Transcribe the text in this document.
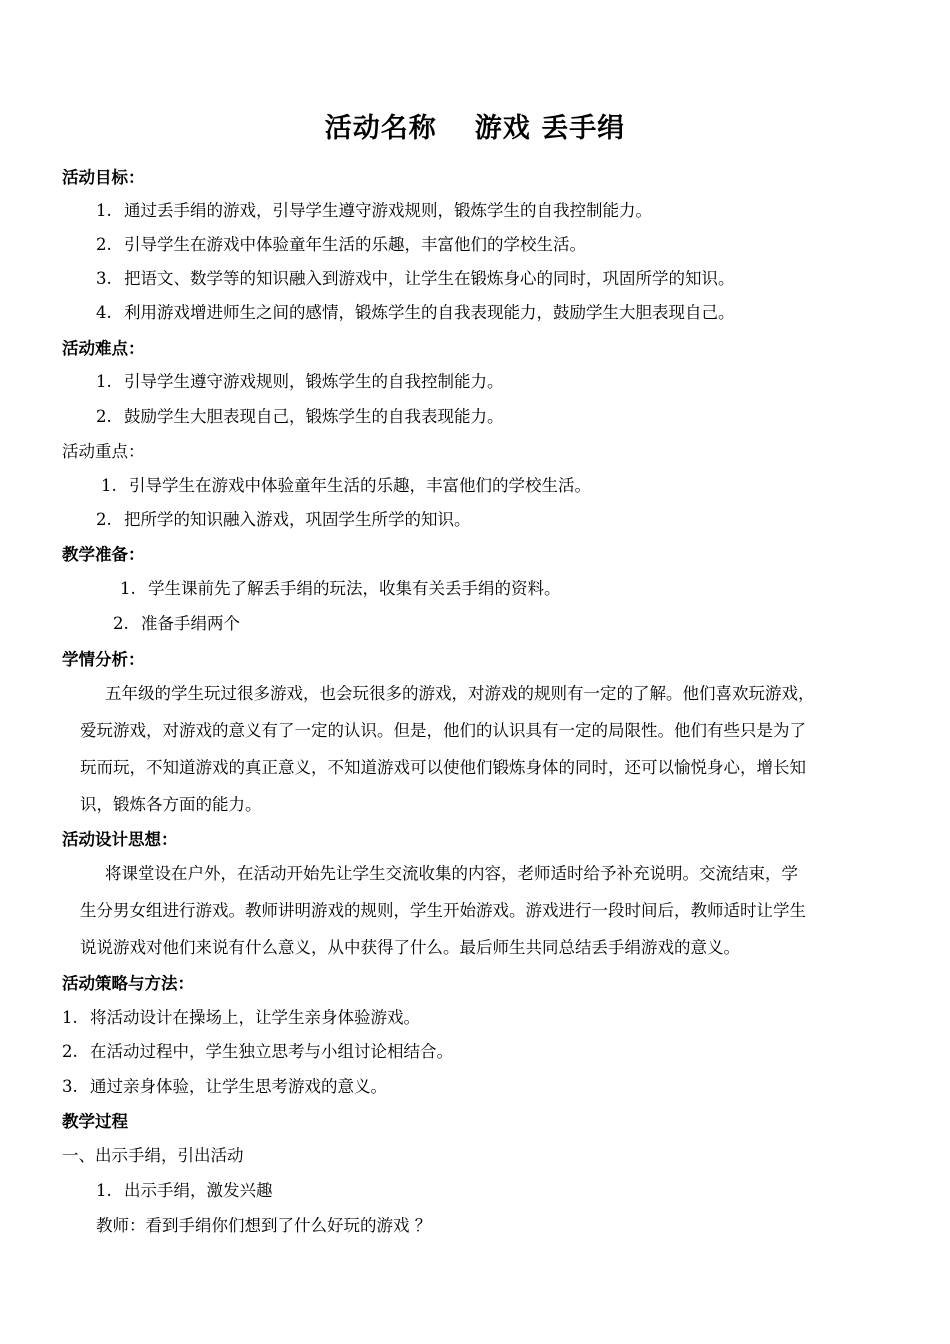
活动名称 游戏 丢手绢
活动目标：
1. 通过丢手绢的游戏，引导学生遵守游戏规则，锻炼学生的自我控制能力。
2. 引导学生在游戏中体验童年生活的乐趣，丰富他们的学校生活。
3. 把语文、数学等的知识融入到游戏中，让学生在锻炼身心的同时，巩固所学的知识。
4. 利用游戏增进师生之间的感情，锻炼学生的自我表现能力，鼓励学生大胆表现自己。
活动难点：
1. 引导学生遵守游戏规则，锻炼学生的自我控制能力。
2. 鼓励学生大胆表现自己，锻炼学生的自我表现能力。
活动重点：
1. 引导学生在游戏中体验童年生活的乐趣，丰富他们的学校生活。
2. 把所学的知识融入游戏，巩固学生所学的知识。
教学准备：
1. 学生课前先了解丢手绢的玩法，收集有关丢手绢的资料。
2. 准备手绢两个
学情分析：
五年级的学生玩过很多游戏，也会玩很多的游戏，对游戏的规则有一定的了解。他们喜欢玩游戏，
爱玩游戏，对游戏的意义有了一定的认识。但是，他们的认识具有一定的局限性。他们有些只是为了
玩而玩，不知道游戏的真正意义，不知道游戏可以使他们锻炼身体的同时，还可以愉悦身心，增长知
识，锻炼各方面的能力。
活动设计思想：
将课堂设在户外，在活动开始先让学生交流收集的内容，老师适时给予补充说明。交流结束，学
生分男女组进行游戏。教师讲明游戏的规则，学生开始游戏。游戏进行一段时间后，教师适时让学生
说说游戏对他们来说有什么意义，从中获得了什么。最后师生共同总结丢手绢游戏的意义。
活动策略与方法：
1. 将活动设计在操场上，让学生亲身体验游戏。
2. 在活动过程中，学生独立思考与小组讨论相结合。
3. 通过亲身体验，让学生思考游戏的意义。
教学过程
一、出示手绢，引出活动
1. 出示手绢，激发兴趣
教师：看到手绢你们想到了什么好玩的游戏 ？
